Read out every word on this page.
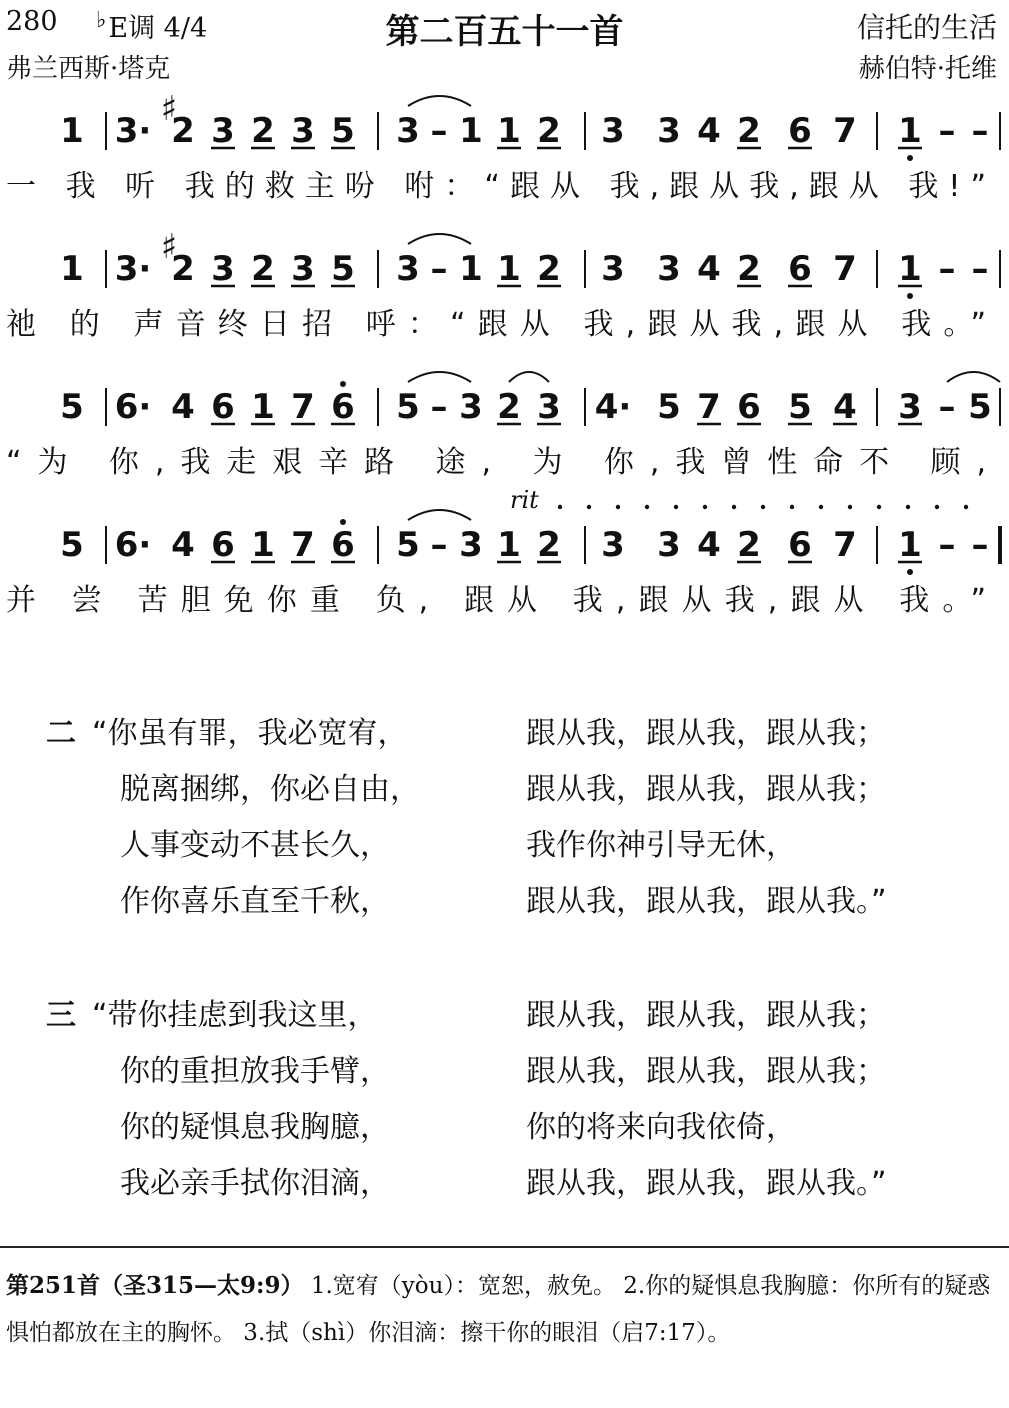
280 ♭E调 4/4	第二百五十一首	信托的生活
弗兰西斯·塔克	赫伯特·托维
1 3· 2
♯
3 2 3 5 3 – 1 1 2 3 3 4 2 6 7 1 – –
一 我 听 我的救主吩 咐：“跟从 我,跟从我,跟从 我!”
1 3· 2
♯
3 2 3 5 3 – 1 1 2 3 3 4 2 6 7 1 – –
祂 的 声音终日招 呼：“跟从 我,跟从我,跟从 我。”
5 6· 4 6 1 7 6 5 – 3 2 3 4· 5 7 6 5 4 3 – 5
“为 你,我走艰辛路 途, 为 你,我曾性命不 顾,
5 6· 4 6 1 7 6 5 – 3 1 2 3 3 4 2 6 7 1 – –
并 尝 苦胆免你重 负, 跟从 我,跟从我,跟从 我。”
rit
二 “你虽有罪，我必宽宥，	跟从我，跟从我，跟从我；
脱离捆绑，你必自由，	跟从我，跟从我，跟从我；
人事变动不甚长久，	我作你神引导无休，
作你喜乐直至千秋，	跟从我，跟从我，跟从我。”
三 “带你挂虑到我这里，	跟从我，跟从我，跟从我；
你的重担放我手臂，	跟从我，跟从我，跟从我；
你的疑惧息我胸臆，	你的将来向我依倚，
我必亲手拭你泪滴，	跟从我，跟从我，跟从我。”
第251首（圣315—太9:9） 1.宽宥（yòu）：宽恕，赦免。 2.你的疑惧息我胸臆：你所有的疑惑惧怕都放在主的胸怀。 3.拭（shì）你泪滴：擦干你的眼泪（启7:17）。
